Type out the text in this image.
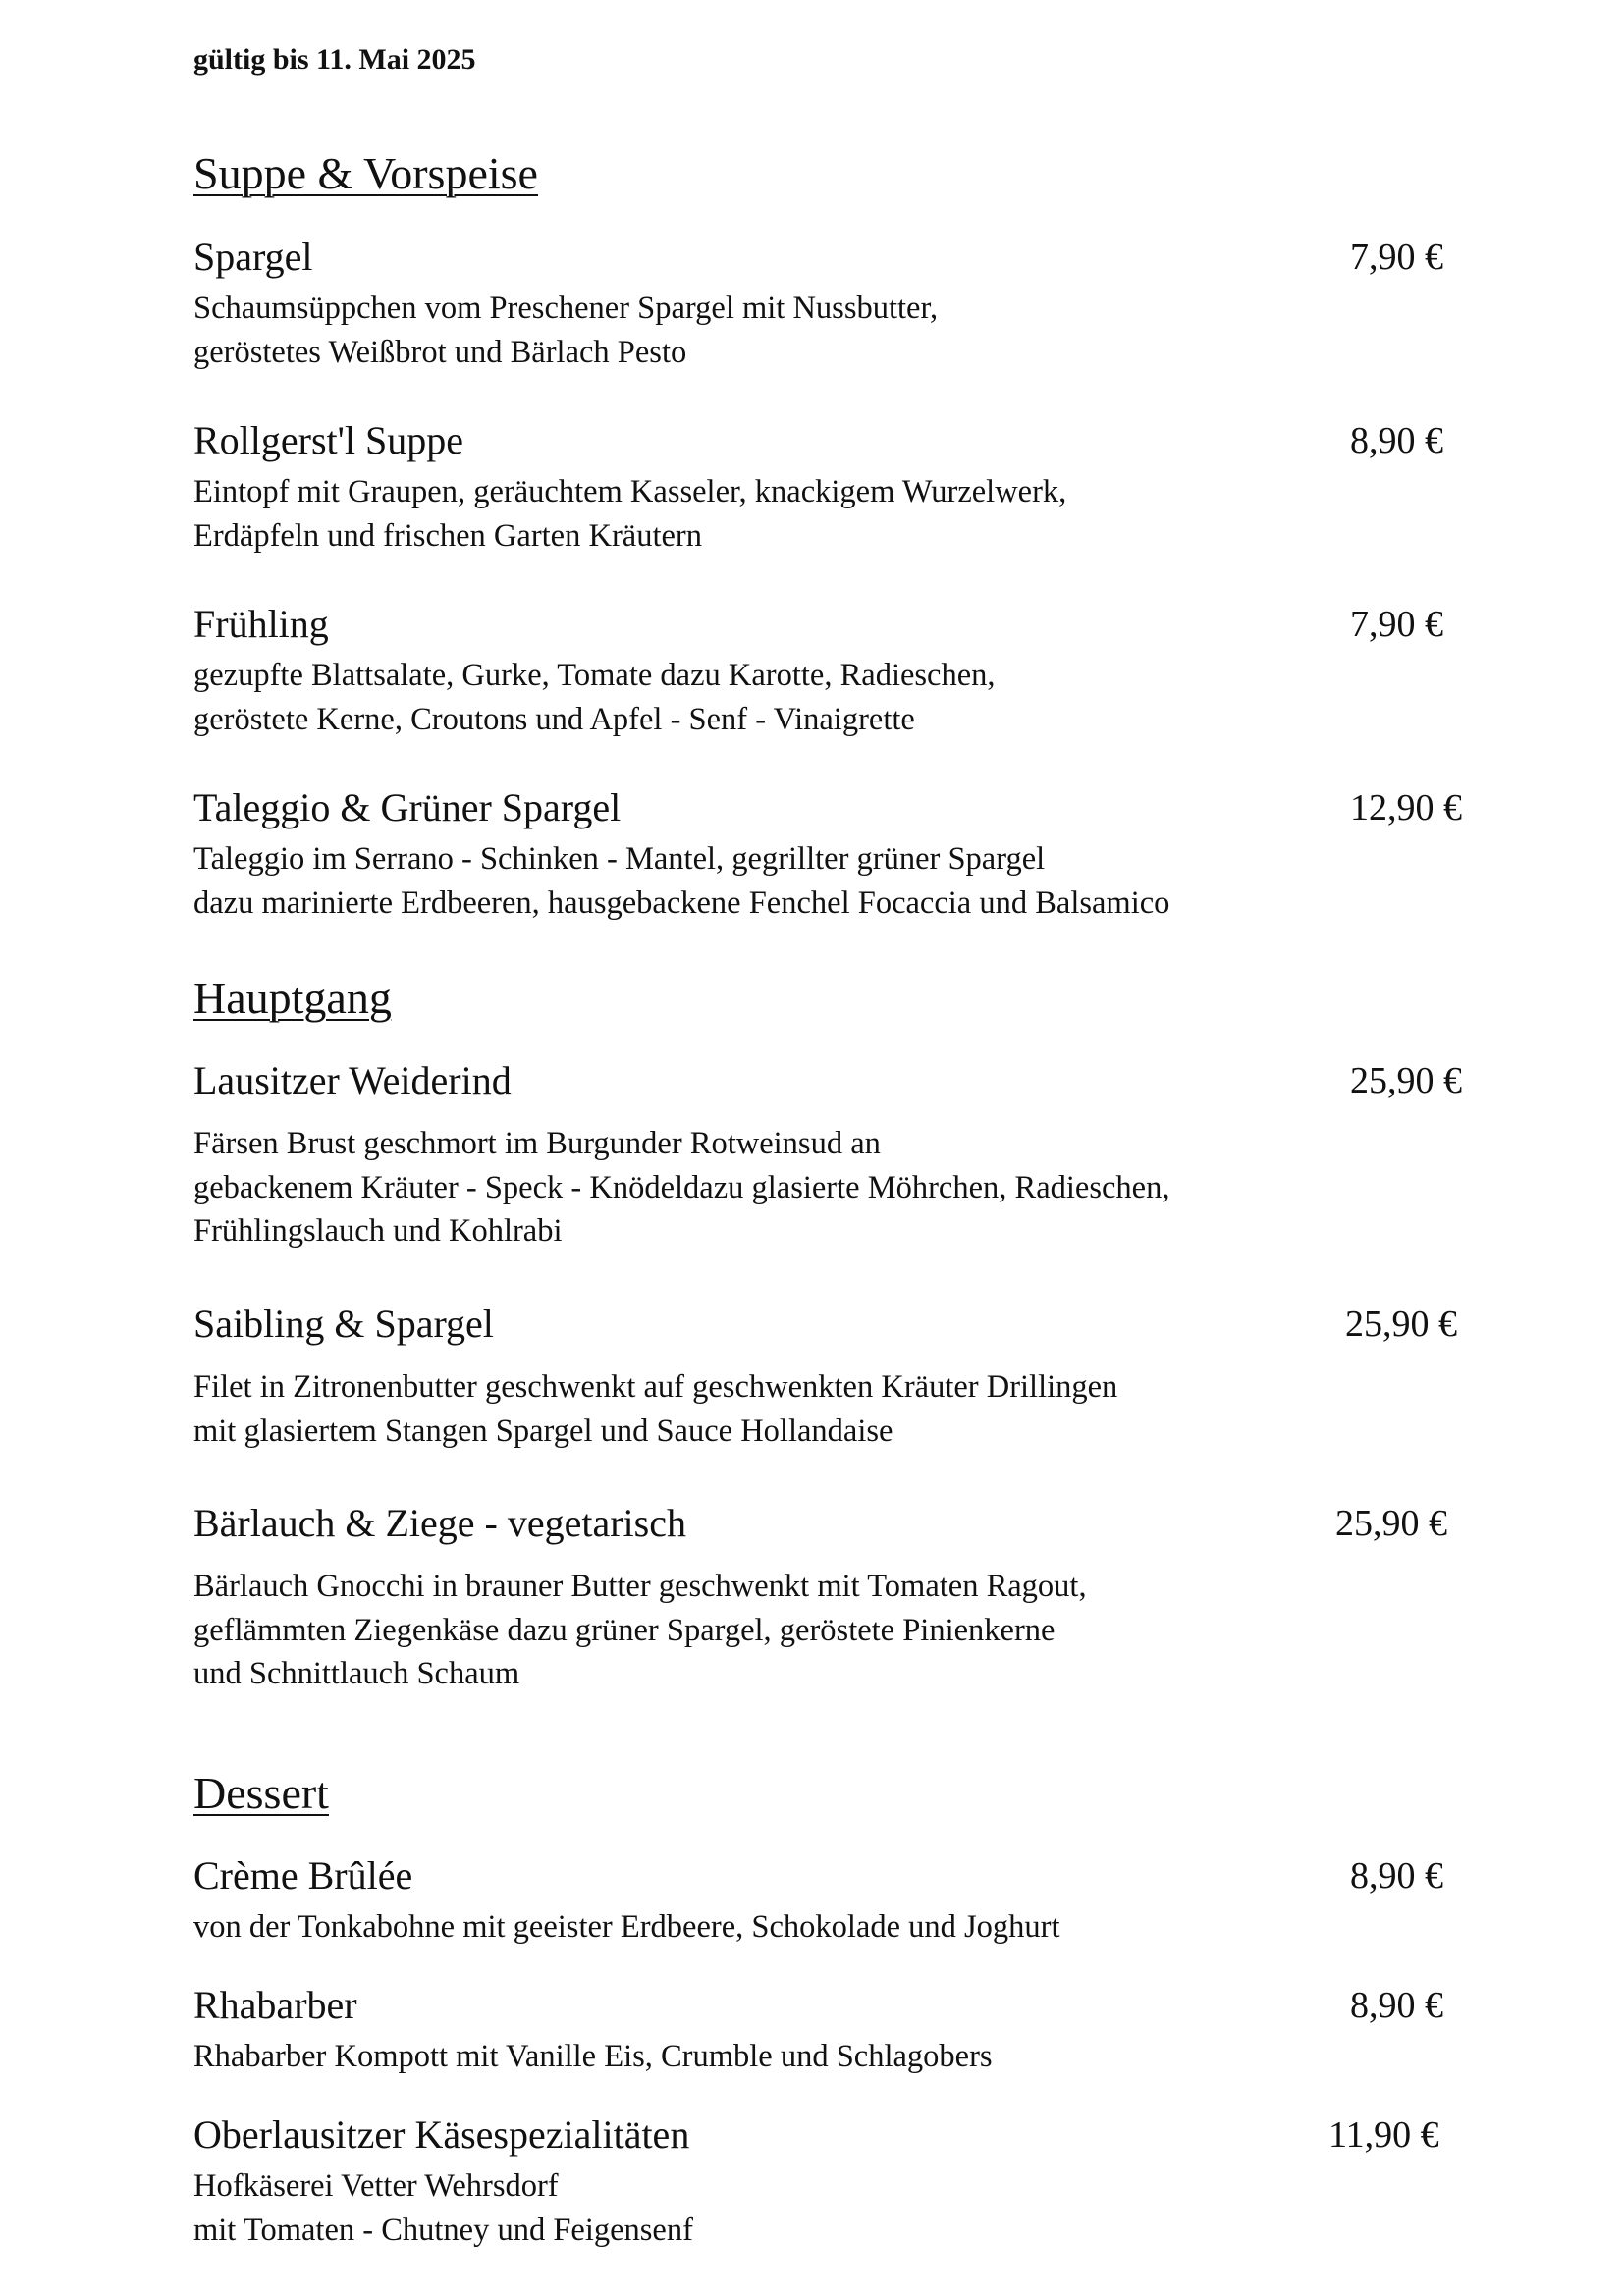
gültig bis 11. Mai 2025
Suppe & Vorspeise
Spargel	7,90 €
Schaumsüppchen vom Preschener Spargel mit Nussbutter,
geröstetes Weißbrot und Bärlach Pesto
Rollgerst'l Suppe	8,90 €
Eintopf mit Graupen, geräuchtem Kasseler, knackigem Wurzelwerk,
Erdäpfeln und frischen Garten Kräutern
Frühling	7,90 €
gezupfte Blattsalate, Gurke, Tomate dazu Karotte, Radieschen,
geröstete Kerne, Croutons und Apfel - Senf - Vinaigrette
Taleggio & Grüner Spargel	12,90 €
Taleggio im Serrano - Schinken - Mantel, gegrillter grüner Spargel
dazu marinierte Erdbeeren, hausgebackene Fenchel Focaccia und Balsamico
Hauptgang
Lausitzer Weiderind	25,90 €
Färsen Brust geschmort im Burgunder Rotweinsud an
gebackenem Kräuter - Speck - Knödeldazu glasierte Möhrchen, Radieschen,
Frühlingslauch und Kohlrabi
Saibling & Spargel	25,90 €
Filet in Zitronenbutter geschwenkt auf geschwenkten Kräuter Drillingen
mit glasiertem Stangen Spargel und Sauce Hollandaise
Bärlauch & Ziege - vegetarisch	25,90 €
Bärlauch Gnocchi in brauner Butter geschwenkt mit Tomaten Ragout,
geflämmten Ziegenkäse dazu grüner Spargel, geröstete Pinienkerne
und Schnittlauch Schaum
Dessert
Crème Brûlée	8,90 €
von der Tonkabohne mit geeister Erdbeere, Schokolade und Joghurt
Rhabarber	8,90 €
Rhabarber Kompott mit Vanille Eis, Crumble und Schlagobers
Oberlausitzer Käsespezialitäten	11,90 €
Hofkäserei Vetter Wehrsdorf
mit Tomaten - Chutney und Feigensenf
